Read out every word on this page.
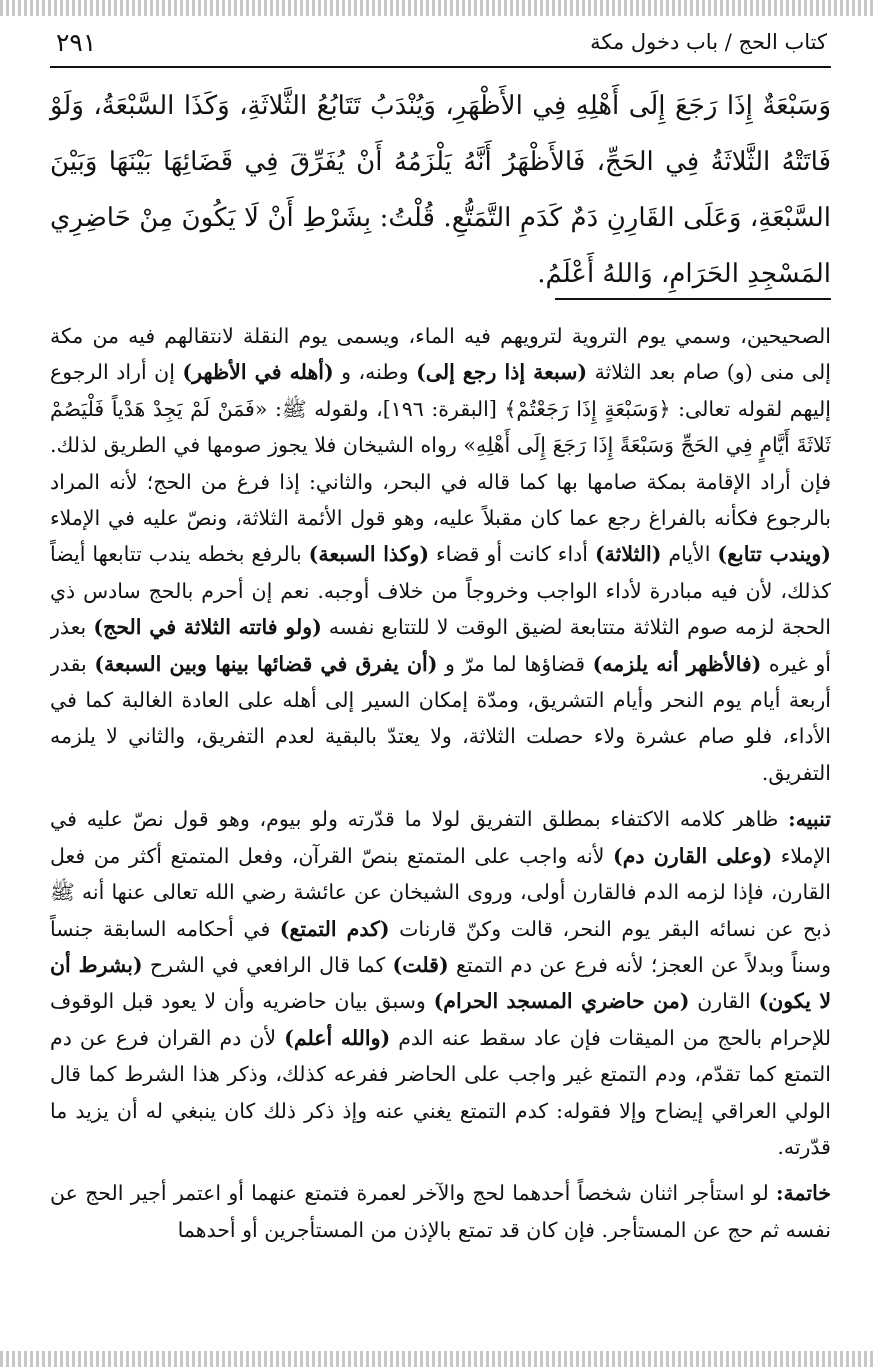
٢٩١	كتاب الحج / باب دخول مكة
وَسَبْعَةٌ إِذَا رَجَعَ إِلَى أَهْلِهِ فِي الأَظْهَرِ، وَيُنْدَبُ تَتَابُعُ الثَّلاثَةِ، وَكَذَا السَّبْعَةُ، وَلَوْ فَاتَتْهُ الثَّلاثَةُ فِي الحَجِّ، فَالأَظْهَرُ أَنَّهُ يَلْزَمُهُ أَنْ يُفَرِّقَ فِي قَضَائِهَا بَيْنَهَا وَبَيْنَ السَّبْعَةِ، وَعَلَى القَارِنِ دَمٌ كَدَمِ التَّمَتُّعِ. قُلْتُ: بِشَرْطِ أَنْ لَا يَكُونَ مِنْ حَاضِرِي المَسْجِدِ الحَرَامِ، وَاللهُ أَعْلَمُ.

الصحيحين، وسمي يوم التروية لترويهم فيه الماء، ويسمى يوم النقلة لانتقالهم فيه من مكة إلى منى (و) صام بعد الثلاثة (سبعة إذا رجع إلى) وطنه، و (أهله في الأظهر) إن أراد الرجوع إليهم لقوله تعالى: ﴿وَسَبْعَةٍ إِذَا رَجَعْتُمْ﴾ [البقرة: ١٩٦]، ولقوله ﷺ: «فَمَنْ لَمْ يَجِدْ هَدْياً فَلْيَصُمْ ثَلاثَةَ أَيَّامٍ فِي الحَجِّ وَسَبْعَةً إِذَا رَجَعَ إِلَى أَهْلِهِ» رواه الشيخان فلا يجوز صومها في الطريق لذلك. فإن أراد الإقامة بمكة صامها بها كما قاله في البحر، والثاني: إذا فرغ من الحج؛ لأنه المراد بالرجوع فكأنه بالفراغ رجع عما كان مقبلاً عليه، وهو قول الأئمة الثلاثة، ونصّ عليه في الإملاء (ويندب تتابع) الأيام (الثلاثة) أداء كانت أو قضاء (وكذا السبعة) بالرفع بخطه يندب تتابعها أيضاً كذلك، لأن فيه مبادرة لأداء الواجب وخروجاً من خلاف أوجبه. نعم إن أحرم بالحج سادس ذي الحجة لزمه صوم الثلاثة متتابعة لضيق الوقت لا للتتابع نفسه (ولو فاتته الثلاثة في الحج) بعذر أو غيره (فالأظهر أنه يلزمه) قضاؤها لما مرّ و (أن يفرق في قضائها بينها وبين السبعة) بقدر أربعة أيام يوم النحر وأيام التشريق، ومدّة إمكان السير إلى أهله على العادة الغالبة كما في الأداء، فلو صام عشرة ولاء حصلت الثلاثة، ولا يعتدّ بالبقية لعدم التفريق، والثاني لا يلزمه التفريق.

تنبيه: ظاهر كلامه الاكتفاء بمطلق التفريق لولا ما قدّرته ولو بيوم، وهو قول نصّ عليه في الإملاء (وعلى القارن دم) لأنه واجب على المتمتع بنصّ القرآن، وفعل المتمتع أكثر من فعل القارن، فإذا لزمه الدم فالقارن أولى، وروى الشيخان عن عائشة رضي الله تعالى عنها أنه ﷺ ذبح عن نسائه البقر يوم النحر، قالت وكنّ قارنات (كدم التمتع) في أحكامه السابقة جنساً وسناً وبدلاً عن العجز؛ لأنه فرع عن دم التمتع (قلت) كما قال الرافعي في الشرح (بشرط أن لا يكون) القارن (من حاضري المسجد الحرام) وسبق بيان حاضريه وأن لا يعود قبل الوقوف للإحرام بالحج من الميقات فإن عاد سقط عنه الدم (والله أعلم) لأن دم القران فرع عن دم التمتع كما تقدّم، ودم التمتع غير واجب على الحاضر ففرعه كذلك، وذكر هذا الشرط كما قال الولي العراقي إيضاح وإلا فقوله: كدم التمتع يغني عنه وإذ ذكر ذلك كان ينبغي له أن يزيد ما قدّرته.

خاتمة: لو استأجر اثنان شخصاً أحدهما لحج والآخر لعمرة فتمتع عنهما أو اعتمر أجير الحج عن نفسه ثم حج عن المستأجر. فإن كان قد تمتع بالإذن من المستأجرين أو أحدهما
